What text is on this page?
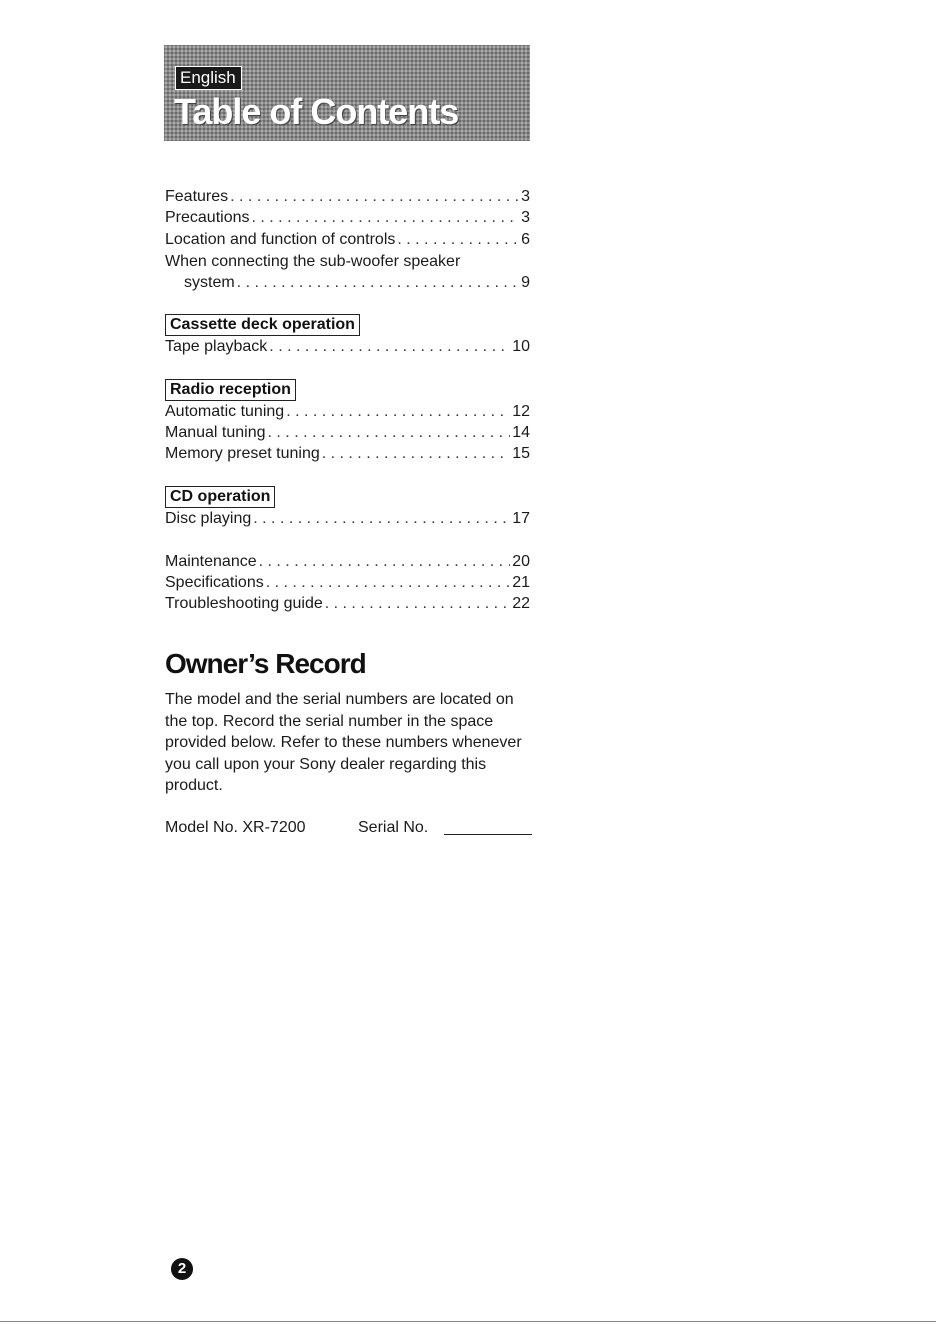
English
Table of Contents
Features . . .	3
Precautions . . .	3
Location and function of controls . . .	6
When connecting the sub-woofer speaker
system . . .	9
Cassette deck operation
Tape playback . . .	10
Radio reception
Automatic tuning . . .	12
Manual tuning . . .	14
Memory preset tuning . . .	15
CD operation
Disc playing . . .	17
Maintenance . . .	20
Specifications . . .	21
Troubleshooting guide . . .	22
Owner’s Record

The model and the serial numbers are located on the top. Record the serial number in the space provided below. Refer to these numbers whenever you call upon your Sony dealer regarding this product.

Model No. XR-7200	Serial No.
2
